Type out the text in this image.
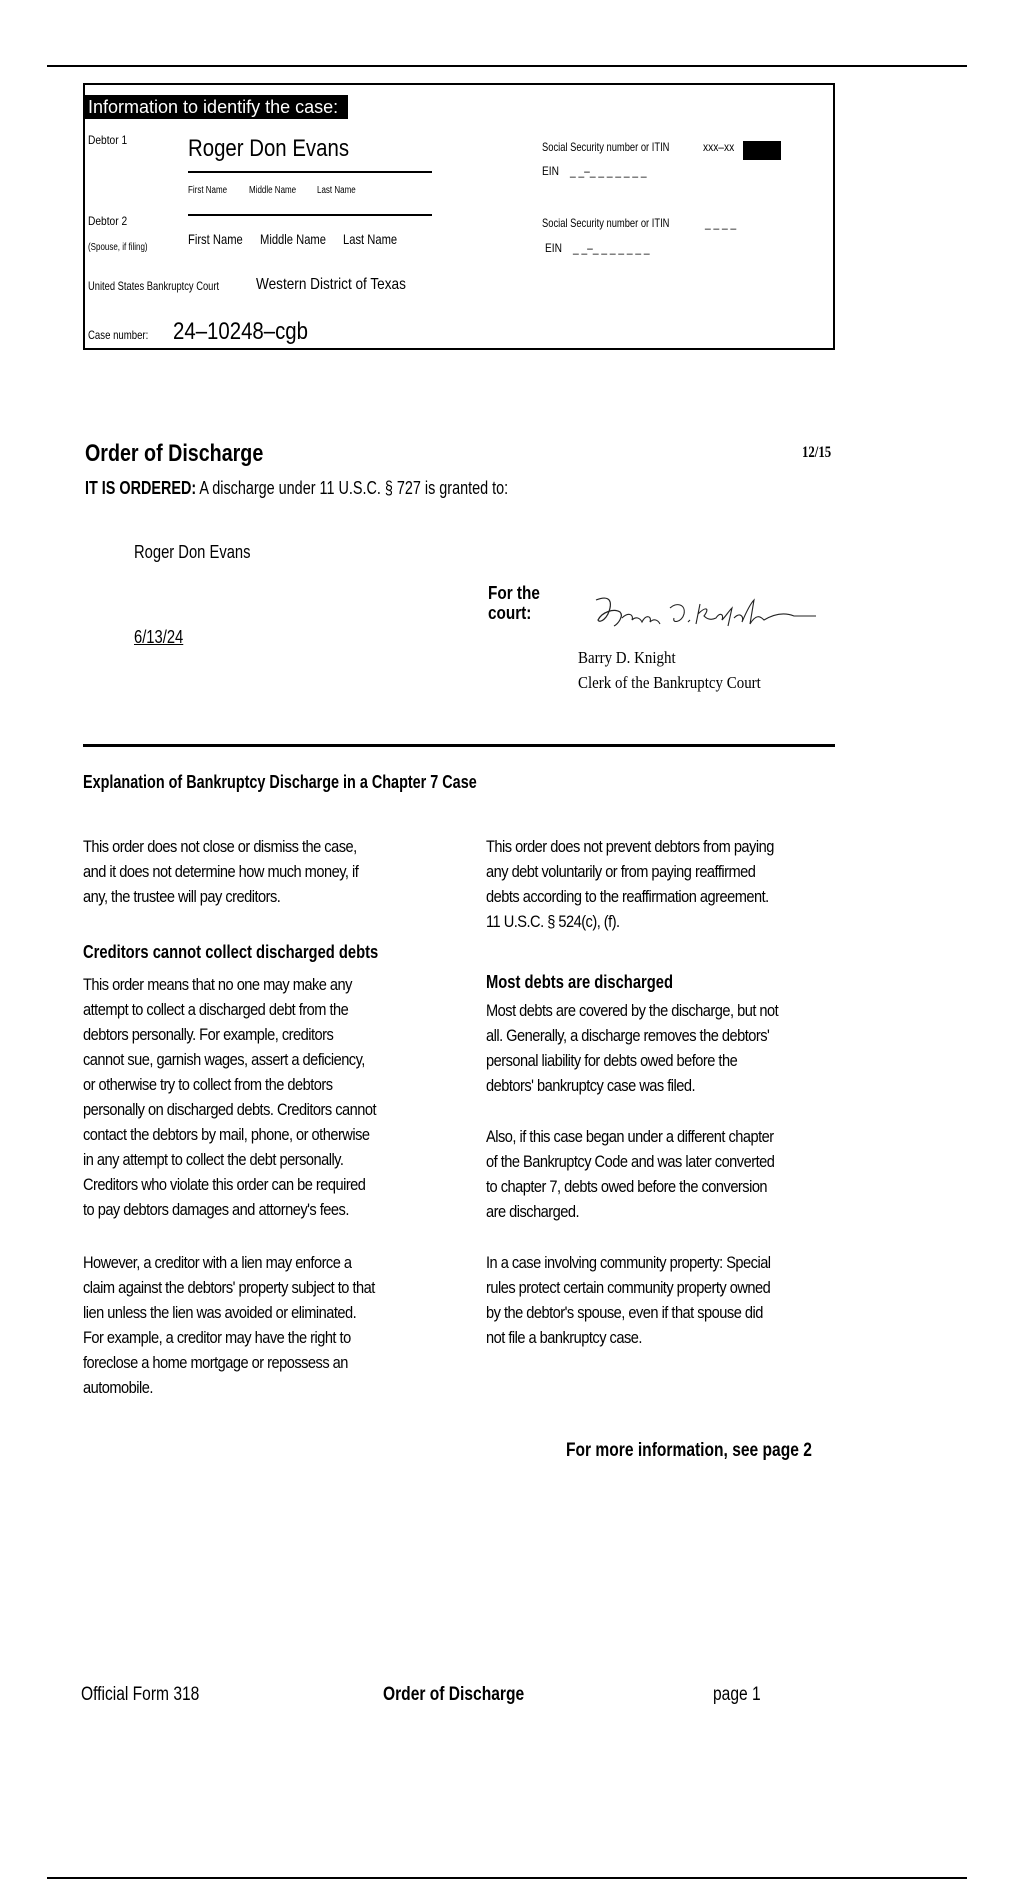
Information to identify the case:
Debtor 1	Roger Don Evans
First Name Middle Name Last Name
Debtor 2
(Spouse, if filing)
First Name Middle Name Last Name
Social Security number or ITIN	xxx–xx
EIN _ _–_ _ _ _ _ _ _
Social Security number or ITIN	_ _ _ _
EIN _ _–_ _ _ _ _ _ _
United States Bankruptcy Court Western District of Texas
Case number: 24–10248–cgb
Order of Discharge	12/15
IT IS ORDERED: A discharge under 11 U.S.C. § 727 is granted to:
Roger Don Evans
6/13/24
For the
court:
Barry D. Knight
Barry D. Knight
Clerk of the Bankruptcy Court
Explanation of Bankruptcy Discharge in a Chapter 7 Case
This order does not close or dismiss the case,
and it does not determine how much money, if
any, the trustee will pay creditors.
Creditors cannot collect discharged debts
This order means that no one may make any
attempt to collect a discharged debt from the
debtors personally. For example, creditors
cannot sue, garnish wages, assert a deficiency,
or otherwise try to collect from the debtors
personally on discharged debts. Creditors cannot
contact the debtors by mail, phone, or otherwise
in any attempt to collect the debt personally.
Creditors who violate this order can be required
to pay debtors damages and attorney's fees.
However, a creditor with a lien may enforce a
claim against the debtors' property subject to that
lien unless the lien was avoided or eliminated.
For example, a creditor may have the right to
foreclose a home mortgage or repossess an
automobile.
This order does not prevent debtors from paying
any debt voluntarily or from paying reaffirmed
debts according to the reaffirmation agreement.
11 U.S.C. § 524(c), (f).
Most debts are discharged
Most debts are covered by the discharge, but not
all. Generally, a discharge removes the debtors'
personal liability for debts owed before the
debtors' bankruptcy case was filed.
Also, if this case began under a different chapter
of the Bankruptcy Code and was later converted
to chapter 7, debts owed before the conversion
are discharged.
In a case involving community property: Special
rules protect certain community property owned
by the debtor's spouse, even if that spouse did
not file a bankruptcy case.
For more information, see page 2
Official Form 318	Order of Discharge	page 1
